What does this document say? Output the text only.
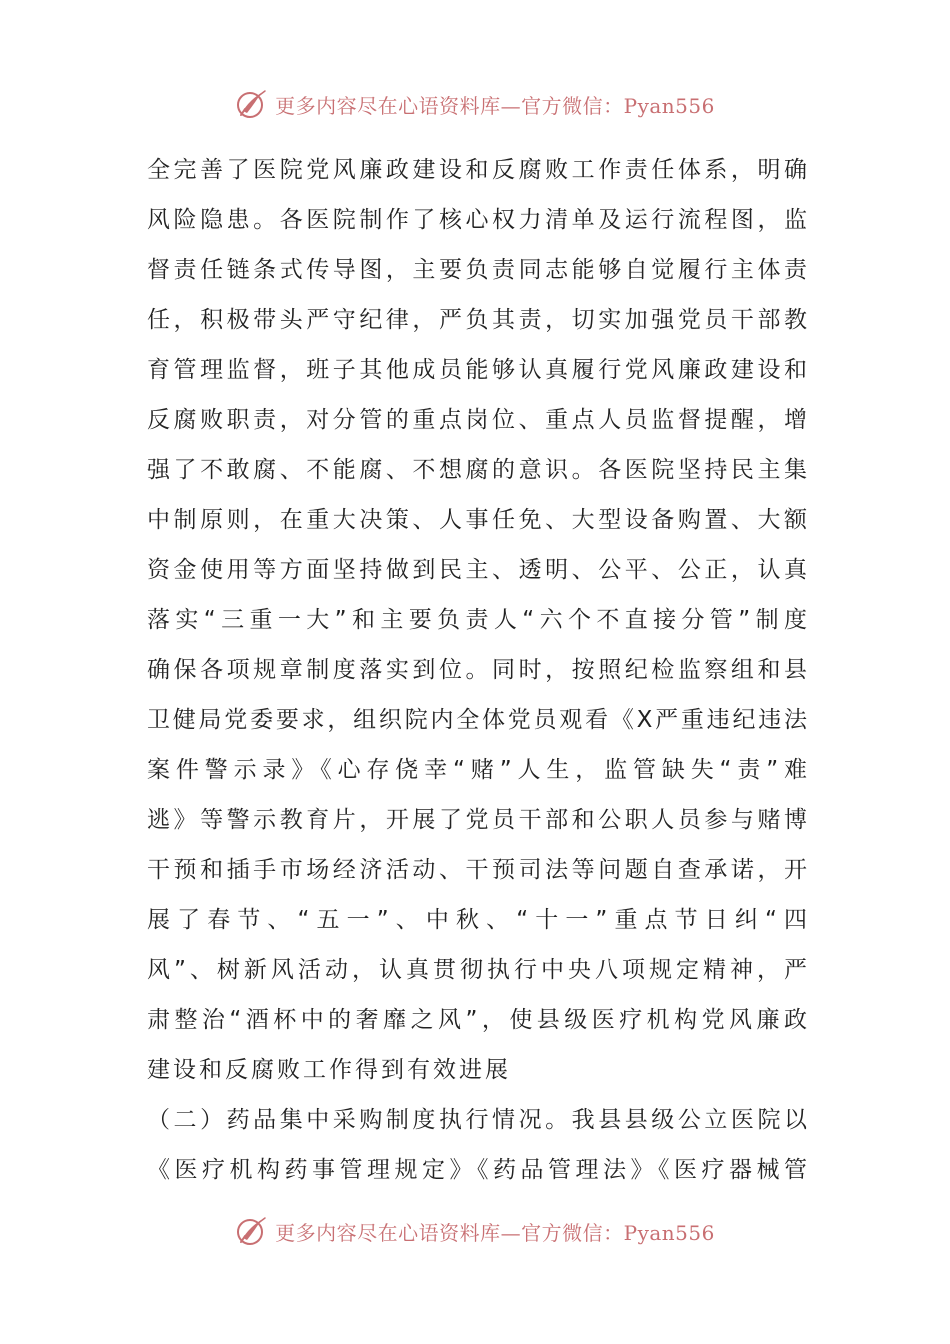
更多内容尽在心语资料库—官方微信：Pyan556
全完善了医院党风廉政建设和反腐败工作责任体系，明确
风险隐患。各医院制作了核心权力清单及运行流程图，监
督责任链条式传导图，主要负责同志能够自觉履行主体责
任，积极带头严守纪律，严负其责，切实加强党员干部教
育管理监督，班子其他成员能够认真履行党风廉政建设和
反腐败职责，对分管的重点岗位、重点人员监督提醒，增
强了不敢腐、不能腐、不想腐的意识。各医院坚持民主集
中制原则，在重大决策、人事任免、大型设备购置、大额
资金使用等方面坚持做到民主、透明、公平、公正，认真
落实“三重一大”和主要负责人“六个不直接分管”制度
确保各项规章制度落实到位。同时，按照纪检监察组和县
卫健局党委要求，组织院内全体党员观看《X严重违纪违法
案件警示录》《心存侥幸“赌”人生，监管缺失“责”难
逃》等警示教育片，开展了党员干部和公职人员参与赌博
干预和插手市场经济活动、干预司法等问题自查承诺，开
展了春节、“五一”、中秋、“十一”重点节日纠“四
风”、树新风活动，认真贯彻执行中央八项规定精神，严
肃整治“酒杯中的奢靡之风”，使县级医疗机构党风廉政
建设和反腐败工作得到有效进展
（二）药品集中采购制度执行情况。我县县级公立医院以
《医疗机构药事管理规定》《药品管理法》《医疗器械管
更多内容尽在心语资料库—官方微信：Pyan556
